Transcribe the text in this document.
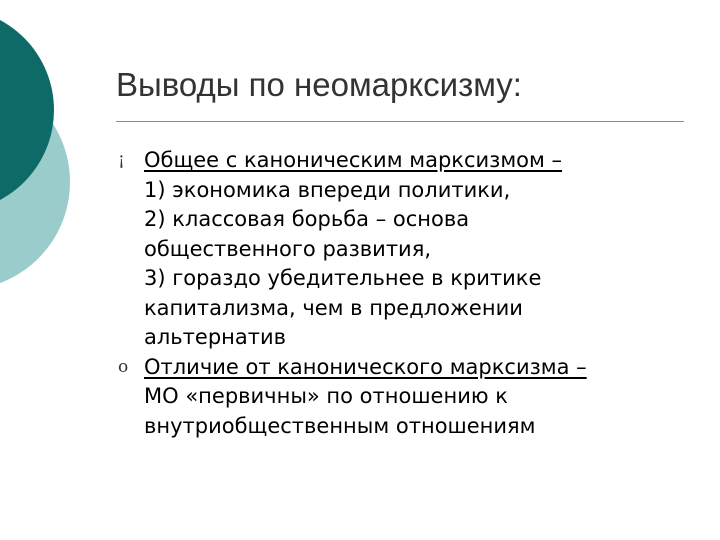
Выводы по неомарксизму:
¡ Общее с каноническим марксизмом –
1) экономика впереди политики,
2) классовая борьба – основа
общественного развития,
3) гораздо убедительнее в критике
капитализма, чем в предложении
альтернатив
o Отличие от канонического марксизма –
МО «первичны» по отношению к
внутриобщественным отношениям
